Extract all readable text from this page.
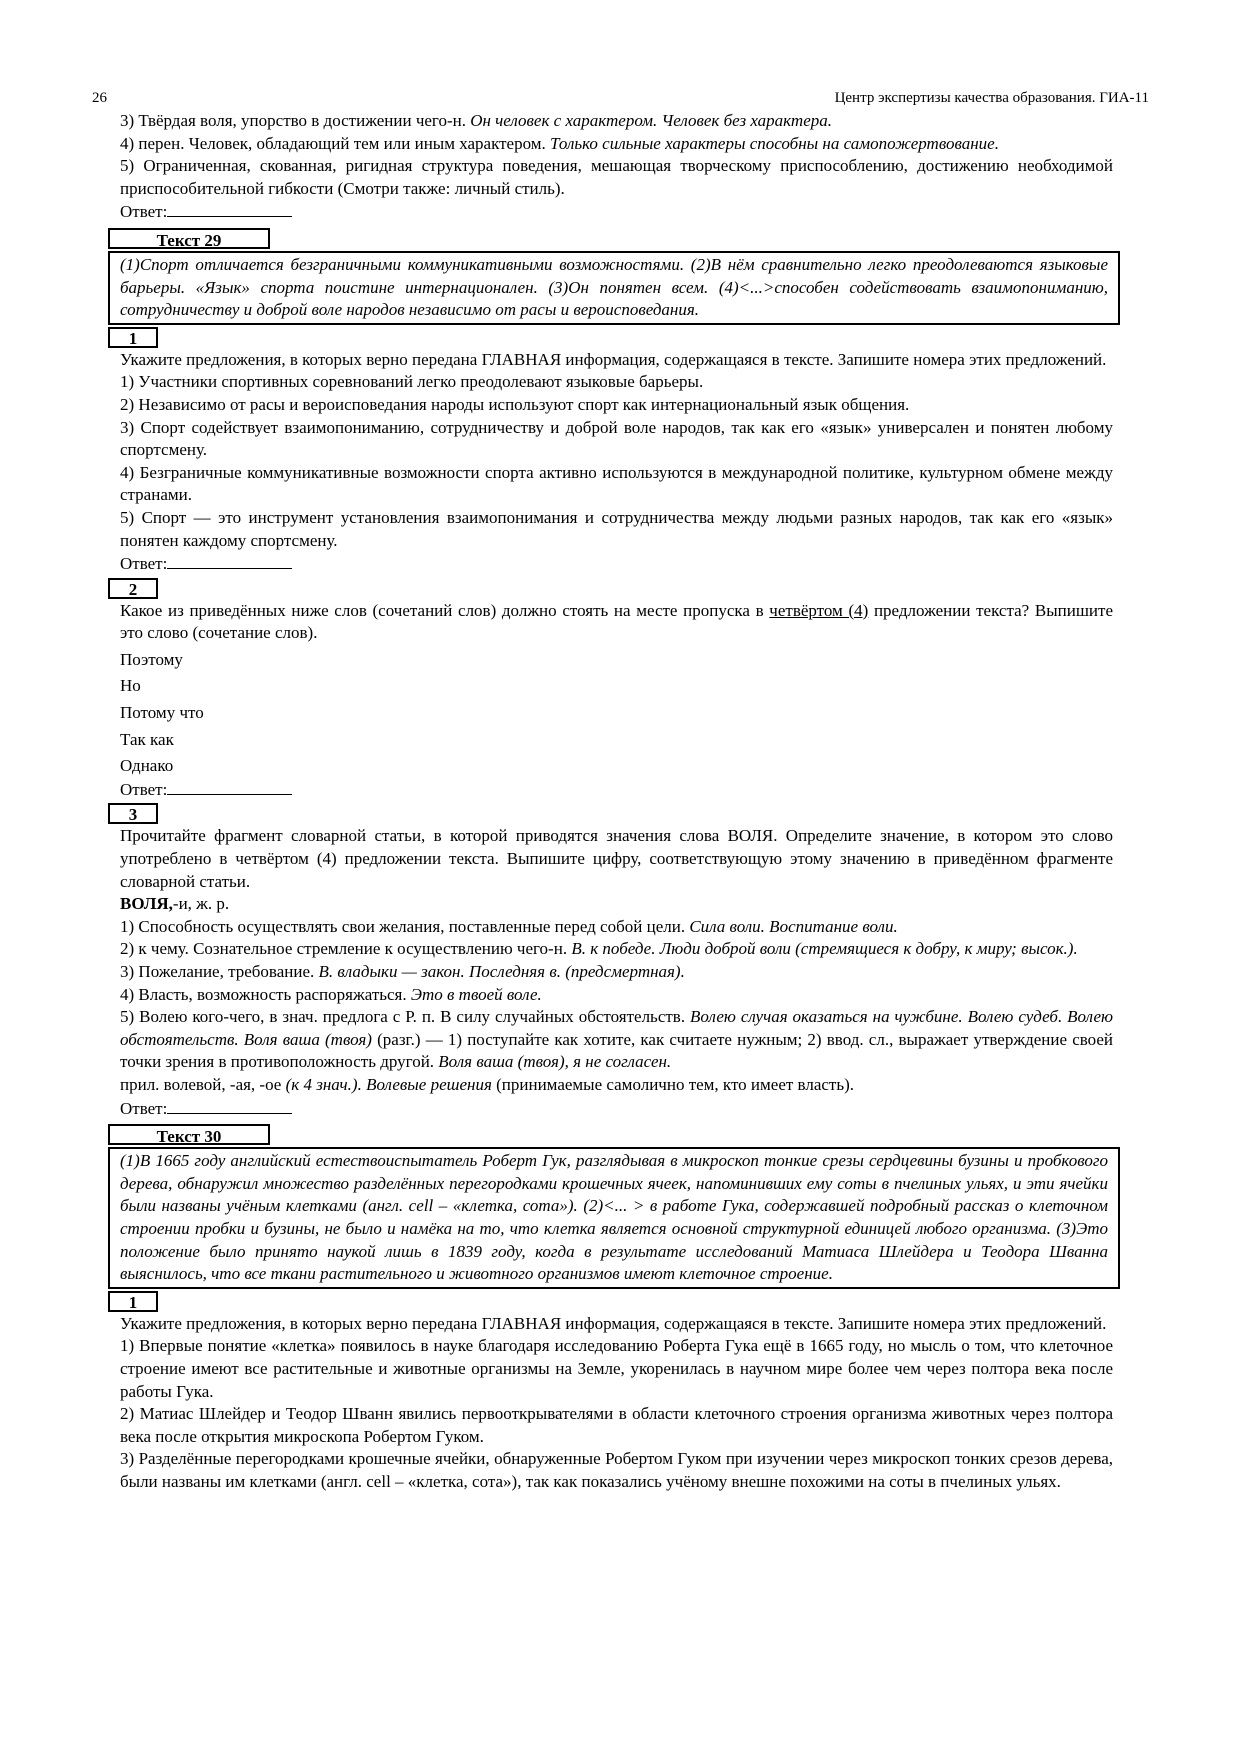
26	Центр экспертизы качества образования. ГИА-11

3) Твёрдая воля, упорство в достижении чего-н. Он человек с характером. Человек без характера.

4) перен. Человек, обладающий тем или иным характером. Только сильные характеры способны на самопожертвование.

5) Ограниченная, скованная, ригидная структура поведения, мешающая творческому приспособлению, достижению необходимой приспособительной гибкости (Смотри также: личный стиль).

Ответ:

Текст 29
(1)Спорт отличается безграничными коммуникативными возможностями. (2)В нём сравнительно легко преодолеваются языковые барьеры. «Язык» спорта поистине интернационален. (3)Он понятен всем. (4)<...>способен содействовать взаимопониманию, сотрудничеству и доброй воле народов независимо от расы и вероисповедания.
1

Укажите предложения, в которых верно передана ГЛАВНАЯ информация, содержащаяся в тексте. Запишите номера этих предложений.

1) Участники спортивных соревнований легко преодолевают языковые барьеры.

2) Независимо от расы и вероисповедания народы используют спорт как интернациональный язык общения.

3) Спорт содействует взаимопониманию, сотрудничеству и доброй воле народов, так как его «язык» универсален и понятен любому спортсмену.

4) Безграничные коммуникативные возможности спорта активно используются в международной политике, культурном обмене между странами.

5) Спорт — это инструмент установления взаимопонимания и сотрудничества между людьми разных народов, так как его «язык» понятен каждому спортсмену.

Ответ:

2

Какое из приведённых ниже слов (сочетаний слов) должно стоять на месте пропуска в четвёртом (4) предложении текста? Выпишите это слово (сочетание слов).

Поэтому

Но

Потому что

Так как

Однако

Ответ:

3

Прочитайте фрагмент словарной статьи, в которой приводятся значения слова ВОЛЯ. Определите значение, в котором это слово употреблено в четвёртом (4) предложении текста. Выпишите цифру, соответствующую этому значению в приведённом фрагменте словарной статьи.

ВОЛЯ,-и, ж. р.

1) Способность осуществлять свои желания, поставленные перед собой цели. Сила воли. Воспитание воли.

2) к чему. Сознательное стремление к осуществлению чего-н. В. к победе. Люди доброй воли (стремящиеся к добру, к миру; высок.).

3) Пожелание, требование. В. владыки — закон. Последняя в. (предсмертная).

4) Власть, возможность распоряжаться. Это в твоей воле.

5) Волею кого-чего, в знач. предлога с Р. п. В силу случайных обстоятельств. Волею случая оказаться на чужбине. Волею судеб. Волею обстоятельств. Воля ваша (твоя) (разг.) — 1) поступайте как хотите, как считаете нужным; 2) ввод. сл., выражает утверждение своей точки зрения в противоположность другой. Воля ваша (твоя), я не согласен.

прил. волевой, -ая, -ое (к 4 знач.). Волевые решения (принимаемые самолично тем, кто имеет власть).

Ответ:

Текст 30
(1)В 1665 году английский естествоиспытатель Роберт Гук, разглядывая в микроскоп тонкие срезы сердцевины бузины и пробкового дерева, обнаружил множество разделённых перегородками крошечных ячеек, напоминивших ему соты в пчелиных ульях, и эти ячейки были названы учёным клетками (англ. cell – «клетка, сота»). (2)<... > в работе Гука, содержавшей подробный рассказ о клеточном строении пробки и бузины, не было и намёка на то, что клетка является основной структурной единицей любого организма. (3)Это положение было принято наукой лишь в 1839 году, когда в результате исследований Матиаса Шлейдера и Теодора Шванна выяснилось, что все ткани растительного и животного организмов имеют клеточное строение.
1

Укажите предложения, в которых верно передана ГЛАВНАЯ информация, содержащаяся в тексте. Запишите номера этих предложений.

1) Впервые понятие «клетка» появилось в науке благодаря исследованию Роберта Гука ещё в 1665 году, но мысль о том, что клеточное строение имеют все растительные и животные организмы на Земле, укоренилась в научном мире более чем через полтора века после работы Гука.

2) Матиас Шлейдер и Теодор Шванн явились первооткрывателями в области клеточного строения организма животных через полтора века после открытия микроскопа Робертом Гуком.

3) Разделённые перегородками крошечные ячейки, обнаруженные Робертом Гуком при изучении через микроскоп тонких срезов дерева, были названы им клетками (англ. cell – «клетка, сота»), так как показались учёному внешне похожими на соты в пчелиных ульях.
